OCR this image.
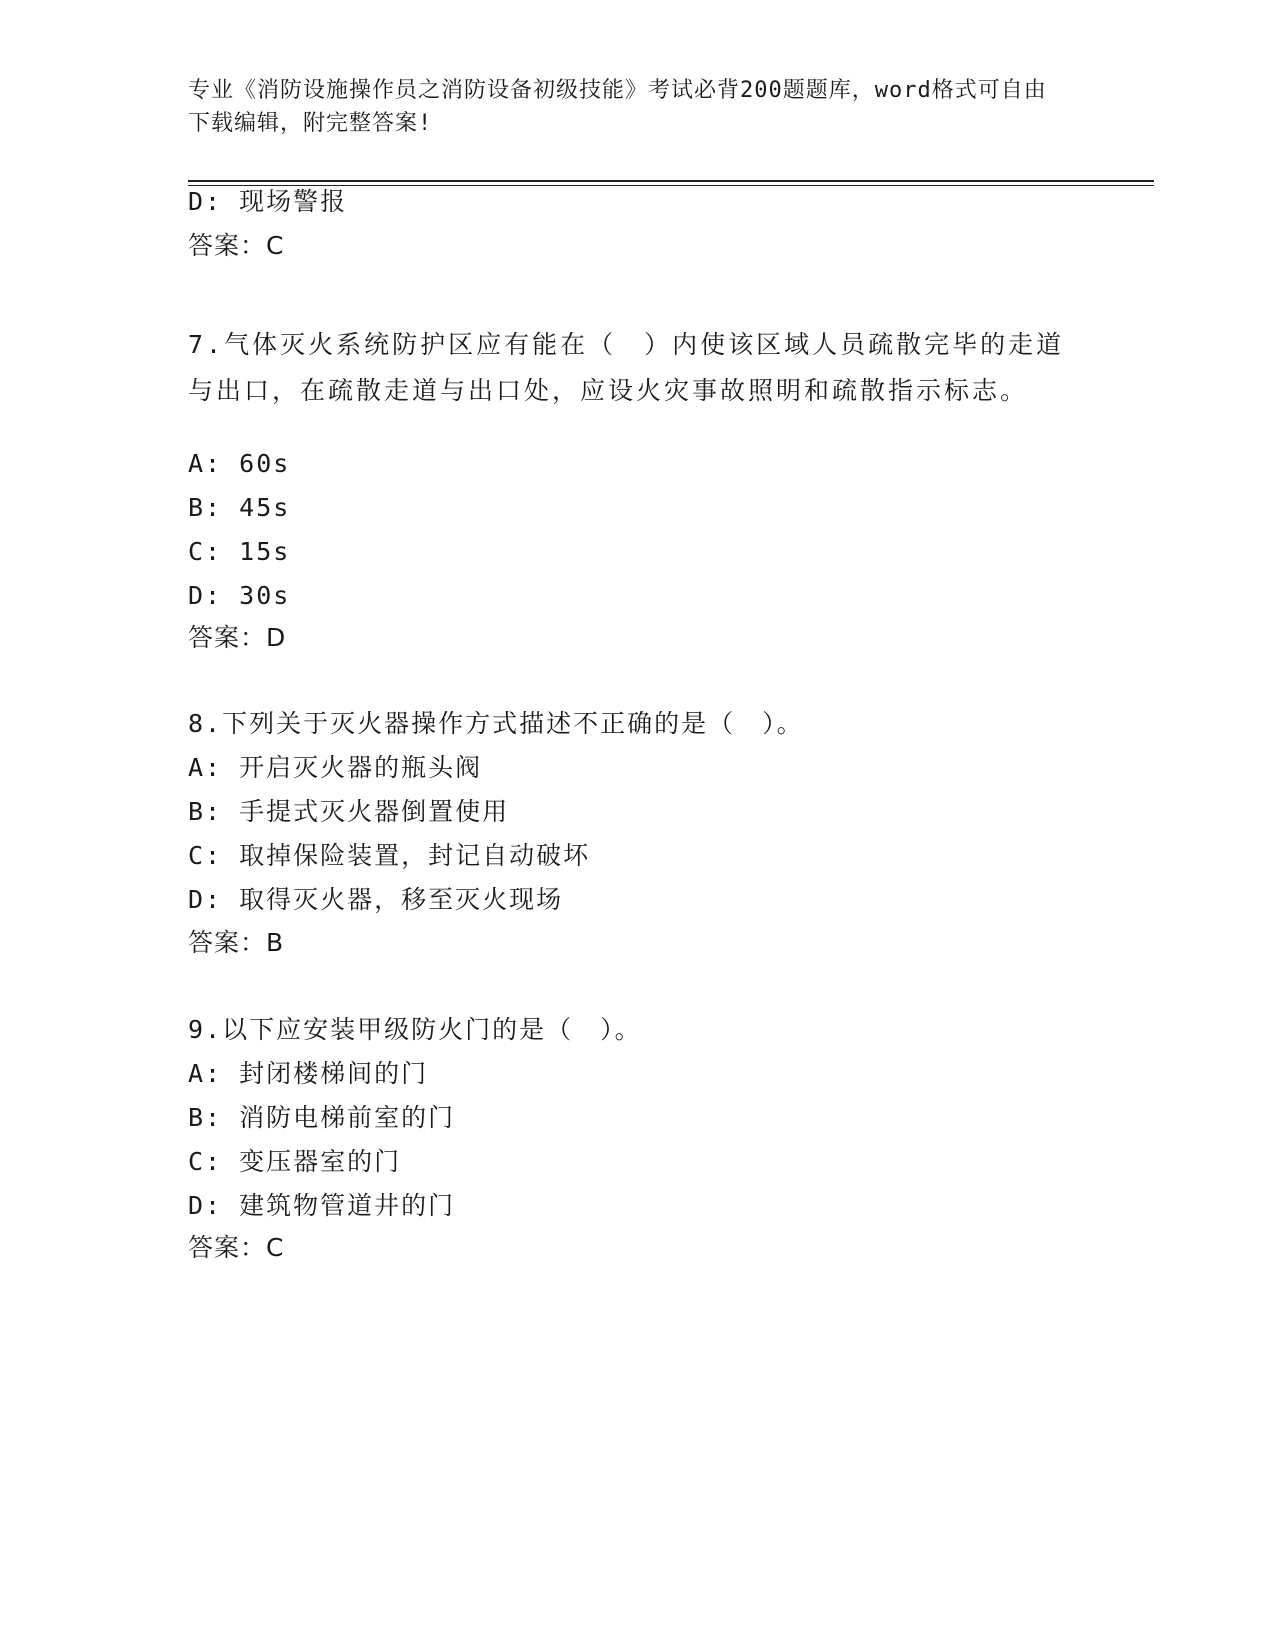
专业《消防设施操作员之消防设备初级技能》考试必背200题题库，word格式可自由下载编辑，附完整答案!
D: 现场警报
答案：C
7.气体灭火系统防护区应有能在（　）内使该区域人员疏散完毕的走道与出口，在疏散走道与出口处，应设火灾事故照明和疏散指示标志。
A: 60s
B: 45s
C: 15s
D: 30s
答案：D
8.下列关于灭火器操作方式描述不正确的是（　）。
A: 开启灭火器的瓶头阀
B: 手提式灭火器倒置使用
C: 取掉保险装置，封记自动破坏
D: 取得灭火器，移至灭火现场
答案：B
9.以下应安装甲级防火门的是（　）。
A: 封闭楼梯间的门
B: 消防电梯前室的门
C: 变压器室的门
D: 建筑物管道井的门
答案：C
